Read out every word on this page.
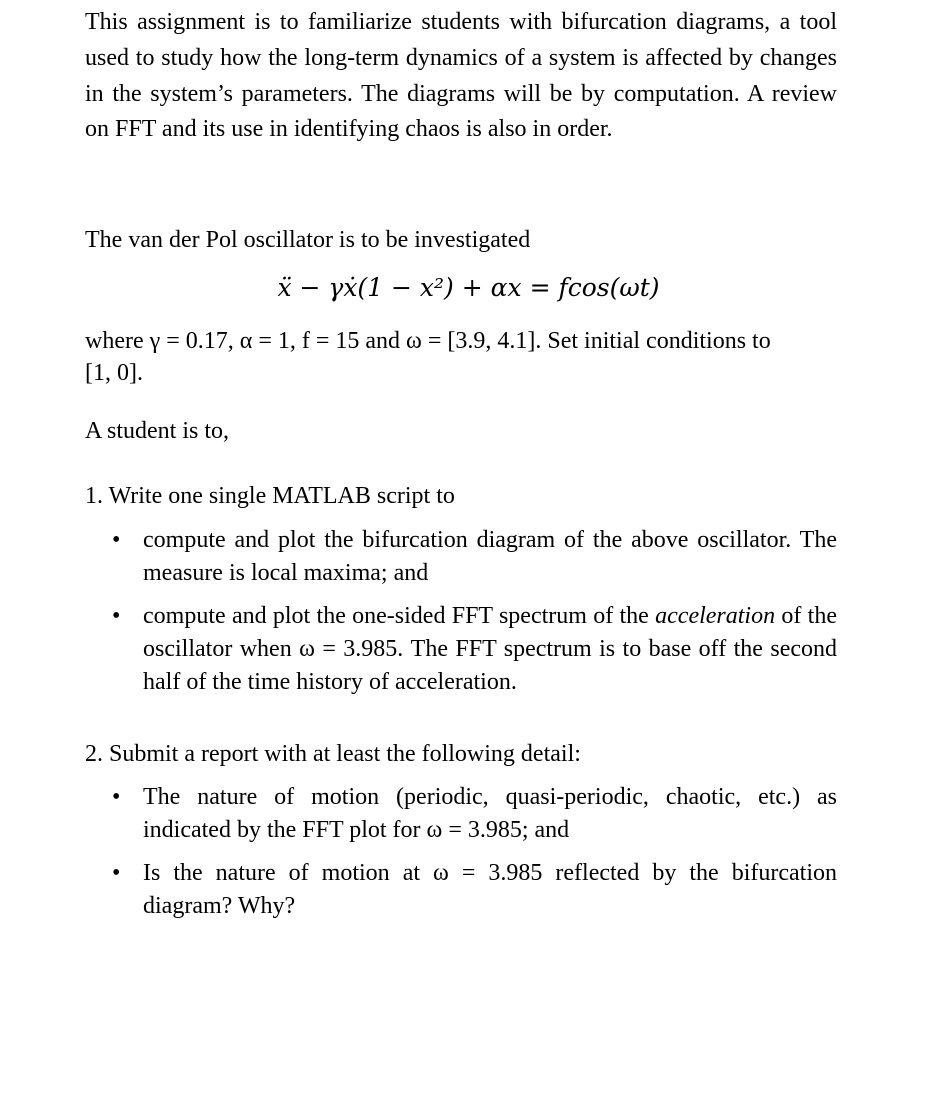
This assignment is to familiarize students with bifurcation diagrams, a tool used to study how the long-term dynamics of a system is affected by changes in the system’s parameters. The diagrams will be by computation. A review on FFT and its use in identifying chaos is also in order.
The van der Pol oscillator is to be investigated
ẍ − γẋ(1 − x²) + αx = fcos(ωt)
where γ = 0.17, α = 1, f = 15 and ω = [3.9, 4.1]. Set initial conditions to
[1, 0].
A student is to,
1. Write one single MATLAB script to
• compute and plot the bifurcation diagram of the above oscillator. The measure is local maxima; and
• compute and plot the one-sided FFT spectrum of the acceleration of the oscillator when ω = 3.985. The FFT spectrum is to base off the second half of the time history of acceleration.
2. Submit a report with at least the following detail:
• The nature of motion (periodic, quasi-periodic, chaotic, etc.) as indicated by the FFT plot for ω = 3.985; and
• Is the nature of motion at ω = 3.985 reflected by the bifurcation diagram? Why?
